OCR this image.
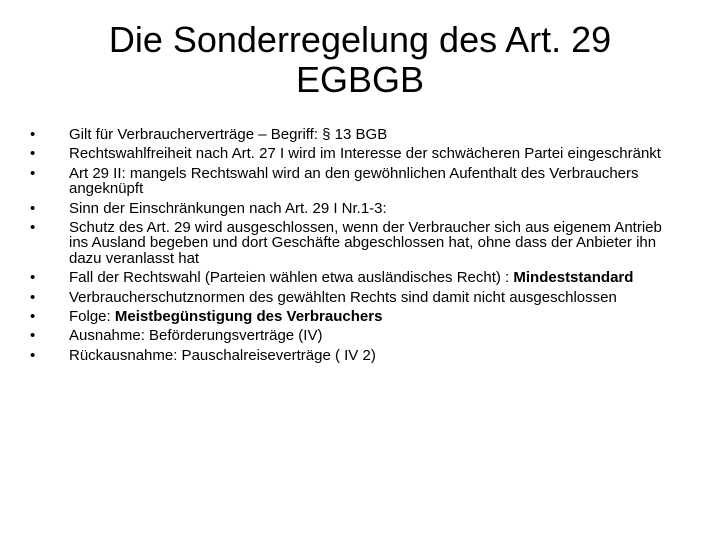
Die Sonderregelung des Art. 29
EGBGB
•	Gilt für Verbraucherverträge – Begriff: § 13 BGB
•	Rechtswahlfreiheit nach Art. 27 I wird im Interesse der schwächeren Partei eingeschränkt
•	Art 29 II: mangels Rechtswahl wird an den gewöhnlichen Aufenthalt des Verbrauchers angeknüpft
•	Sinn der Einschränkungen nach Art. 29 I Nr.1-3:
•	Schutz des Art. 29 wird ausgeschlossen, wenn der Verbraucher sich aus eigenem Antrieb ins Ausland begeben und dort Geschäfte abgeschlossen hat, ohne dass der Anbieter ihn dazu veranlasst hat
•	Fall der Rechtswahl (Parteien wählen etwa ausländisches Recht) : Mindeststandard
•	Verbraucherschutznormen des gewählten Rechts sind damit nicht ausgeschlossen
•	Folge: Meistbegünstigung des Verbrauchers
•	Ausnahme: Beförderungsverträge (IV)
•	Rückausnahme: Pauschalreiseverträge ( IV 2)
